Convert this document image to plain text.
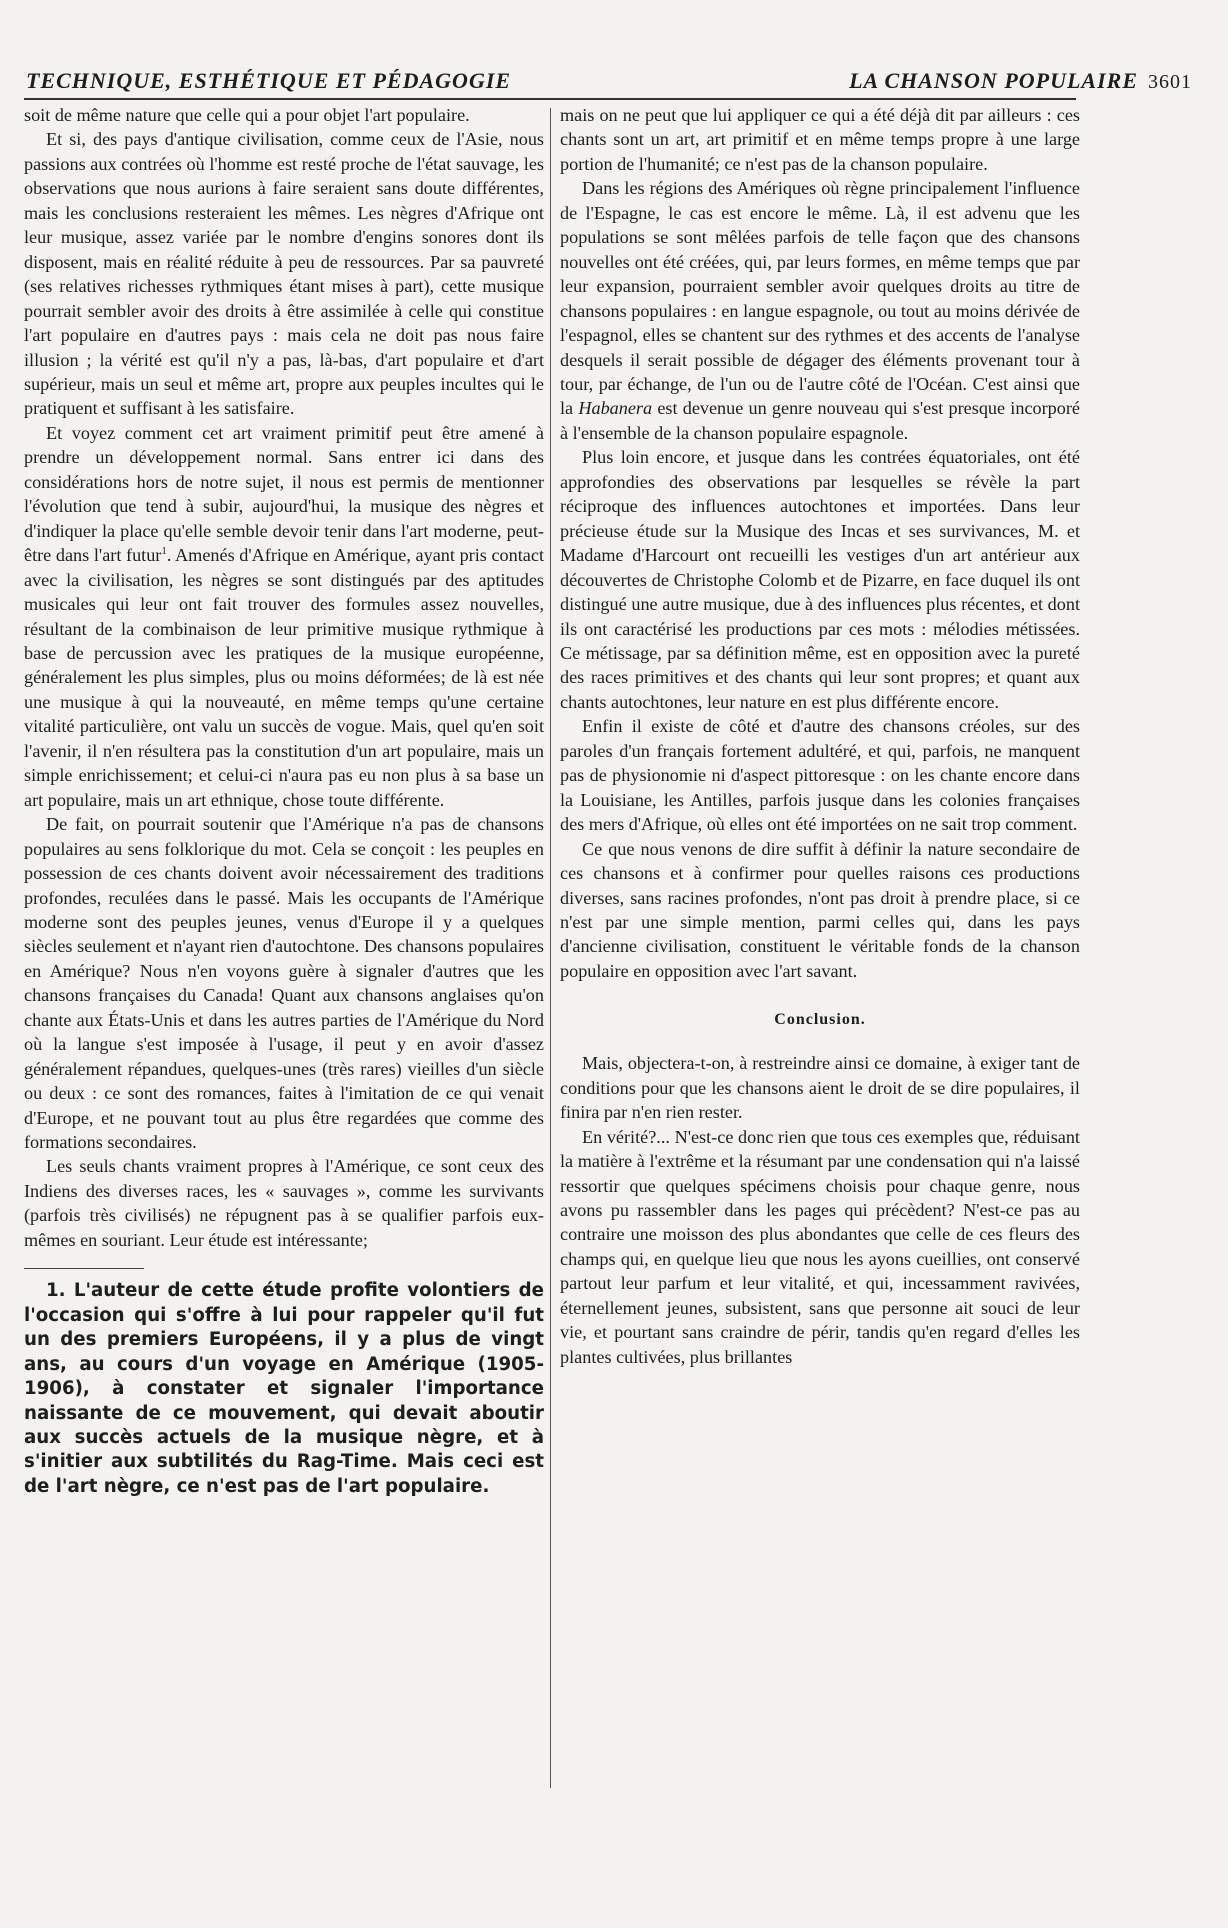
TECHNIQUE, ESTHÉTIQUE ET PÉDAGOGIE	LA CHANSON POPULAIRE 3601

soit de même nature que celle qui a pour objet l'art populaire.

Et si, des pays d'antique civilisation, comme ceux de l'Asie, nous passions aux contrées où l'homme est resté proche de l'état sauvage, les observations que nous aurions à faire seraient sans doute différentes, mais les conclusions resteraient les mêmes. Les nègres d'Afrique ont leur musique, assez variée par le nombre d'engins sonores dont ils disposent, mais en réalité réduite à peu de ressources. Par sa pauvreté (ses relatives richesses rythmiques étant mises à part), cette musique pourrait sembler avoir des droits à être assimilée à celle qui constitue l'art populaire en d'autres pays : mais cela ne doit pas nous faire illusion ; la vérité est qu'il n'y a pas, là-bas, d'art populaire et d'art supérieur, mais un seul et même art, propre aux peuples incultes qui le pratiquent et suffisant à les satisfaire.

Et voyez comment cet art vraiment primitif peut être amené à prendre un développement normal. Sans entrer ici dans des considérations hors de notre sujet, il nous est permis de mentionner l'évolution que tend à subir, aujourd'hui, la musique des nègres et d'indiquer la place qu'elle semble devoir tenir dans l'art moderne, peut-être dans l'art futur$^1$. Amenés d'Afrique en Amérique, ayant pris contact avec la civilisation, les nègres se sont distingués par des aptitudes musicales qui leur ont fait trouver des formules assez nouvelles, résultant de la combinaison de leur primitive musique rythmique à base de percussion avec les pratiques de la musique européenne, généralement les plus simples, plus ou moins déformées; de là est née une musique à qui la nouveauté, en même temps qu'une certaine vitalité particulière, ont valu un succès de vogue. Mais, quel qu'en soit l'avenir, il n'en résultera pas la constitution d'un art populaire, mais un simple enrichissement; et celui-ci n'aura pas eu non plus à sa base un art populaire, mais un art ethnique, chose toute différente.

De fait, on pourrait soutenir que l'Amérique n'a pas de chansons populaires au sens folklorique du mot. Cela se conçoit : les peuples en possession de ces chants doivent avoir nécessairement des traditions profondes, reculées dans le passé. Mais les occupants de l'Amérique moderne sont des peuples jeunes, venus d'Europe il y a quelques siècles seulement et n'ayant rien d'autochtone. Des chansons populaires en Amérique? Nous n'en voyons guère à signaler d'autres que les chansons françaises du Canada! Quant aux chansons anglaises qu'on chante aux États-Unis et dans les autres parties de l'Amérique du Nord où la langue s'est imposée à l'usage, il peut y en avoir d'assez généralement répandues, quelques-unes (très rares) vieilles d'un siècle ou deux : ce sont des romances, faites à l'imitation de ce qui venait d'Europe, et ne pouvant tout au plus être regardées que comme des formations secondaires.

Les seuls chants vraiment propres à l'Amérique, ce sont ceux des Indiens des diverses races, les « sauvages », comme les survivants (parfois très civilisés) ne répugnent pas à se qualifier parfois eux-mêmes en souriant. Leur étude est intéressante;

1. L'auteur de cette étude profite volontiers de l'occasion qui s'offre à lui pour rappeler qu'il fut un des premiers Européens, il y a plus de vingt ans, au cours d'un voyage en Amérique (1905-1906), à constater et signaler l'importance naissante de ce mouvement, qui devait aboutir aux succès actuels de la musique nègre, et à s'initier aux subtilités du Rag-Time. Mais ceci est de l'art nègre, ce n'est pas de l'art populaire.

mais on ne peut que lui appliquer ce qui a été déjà dit par ailleurs : ces chants sont un art, art primitif et en même temps propre à une large portion de l'humanité; ce n'est pas de la chanson populaire.

Dans les régions des Amériques où règne principalement l'influence de l'Espagne, le cas est encore le même. Là, il est advenu que les populations se sont mêlées parfois de telle façon que des chansons nouvelles ont été créées, qui, par leurs formes, en même temps que par leur expansion, pourraient sembler avoir quelques droits au titre de chansons populaires : en langue espagnole, ou tout au moins dérivée de l'espagnol, elles se chantent sur des rythmes et des accents de l'analyse desquels il serait possible de dégager des éléments provenant tour à tour, par échange, de l'un ou de l'autre côté de l'Océan. C'est ainsi que la Habanera est devenue un genre nouveau qui s'est presque incorporé à l'ensemble de la chanson populaire espagnole.

Plus loin encore, et jusque dans les contrées équatoriales, ont été approfondies des observations par lesquelles se révèle la part réciproque des influences autochtones et importées. Dans leur précieuse étude sur la Musique des Incas et ses survivances, M. et Madame d'Harcourt ont recueilli les vestiges d'un art antérieur aux découvertes de Christophe Colomb et de Pizarre, en face duquel ils ont distingué une autre musique, due à des influences plus récentes, et dont ils ont caractérisé les productions par ces mots : mélodies métissées. Ce métissage, par sa définition même, est en opposition avec la pureté des races primitives et des chants qui leur sont propres; et quant aux chants autochtones, leur nature en est plus différente encore.

Enfin il existe de côté et d'autre des chansons créoles, sur des paroles d'un français fortement adultéré, et qui, parfois, ne manquent pas de physionomie ni d'aspect pittoresque : on les chante encore dans la Louisiane, les Antilles, parfois jusque dans les colonies françaises des mers d'Afrique, où elles ont été importées on ne sait trop comment.

Ce que nous venons de dire suffit à définir la nature secondaire de ces chansons et à confirmer pour quelles raisons ces productions diverses, sans racines profondes, n'ont pas droit à prendre place, si ce n'est par une simple mention, parmi celles qui, dans les pays d'ancienne civilisation, constituent le véritable fonds de la chanson populaire en opposition avec l'art savant.

Conclusion.

Mais, objectera-t-on, à restreindre ainsi ce domaine, à exiger tant de conditions pour que les chansons aient le droit de se dire populaires, il finira par n'en rien rester.

En vérité?... N'est-ce donc rien que tous ces exemples que, réduisant la matière à l'extrême et la résumant par une condensation qui n'a laissé ressortir que quelques spécimens choisis pour chaque genre, nous avons pu rassembler dans les pages qui précèdent? N'est-ce pas au contraire une moisson des plus abondantes que celle de ces fleurs des champs qui, en quelque lieu que nous les ayons cueillies, ont conservé partout leur parfum et leur vitalité, et qui, incessamment ravivées, éternellement jeunes, subsistent, sans que personne ait souci de leur vie, et pourtant sans craindre de périr, tandis qu'en regard d'elles les plantes cultivées, plus brillantes
